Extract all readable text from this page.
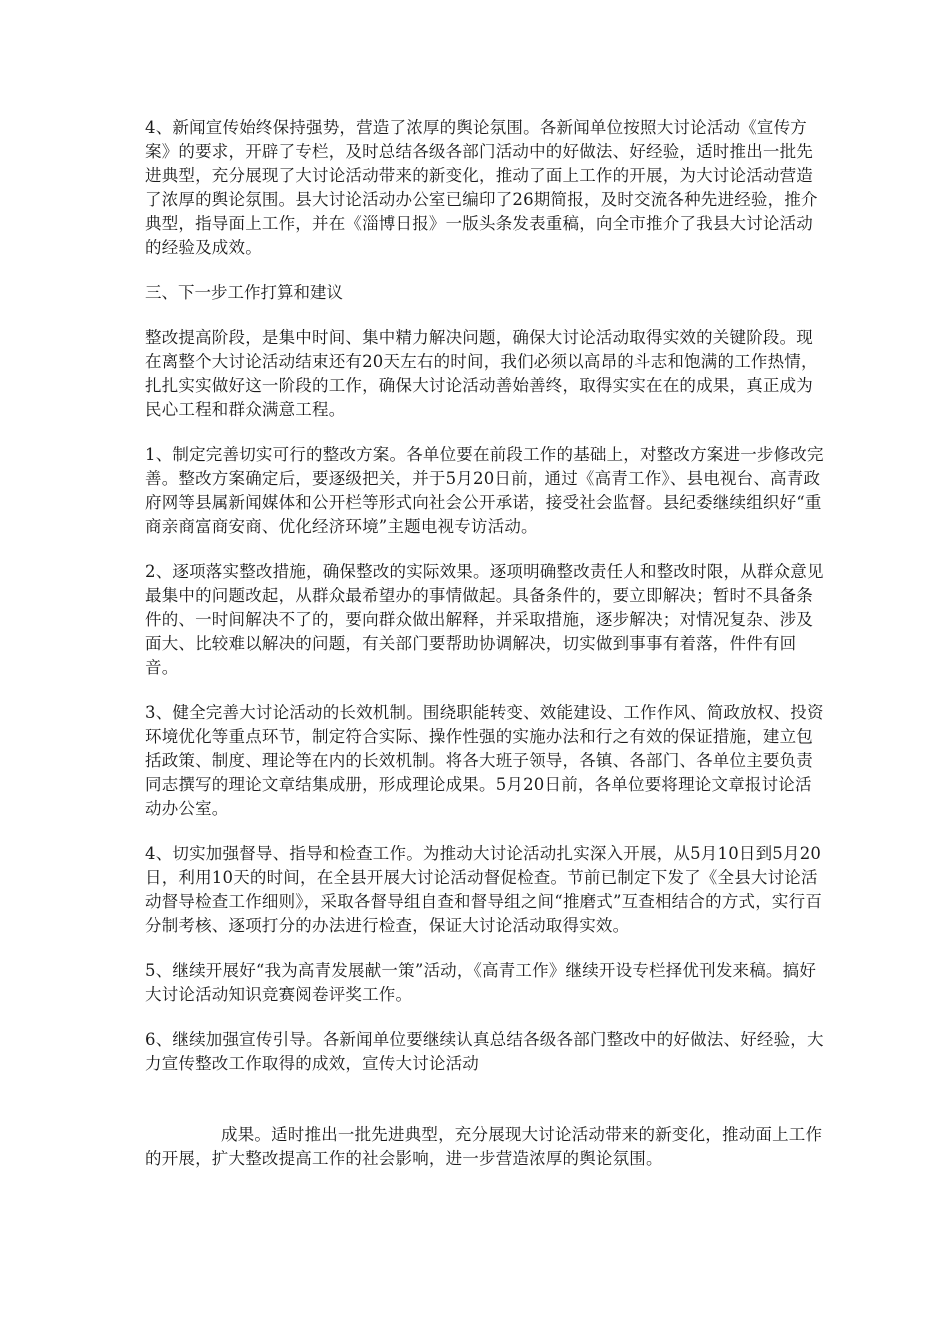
4、新闻宣传始终保持强势，营造了浓厚的舆论氛围。各新闻单位按照大讨论活动《宣传方案》的要求，开辟了专栏，及时总结各级各部门活动中的好做法、好经验，适时推出一批先进典型，充分展现了大讨论活动带来的新变化，推动了面上工作的开展，为大讨论活动营造了浓厚的舆论氛围。县大讨论活动办公室已编印了26期简报，及时交流各种先进经验，推介典型，指导面上工作，并在《淄博日报》一版头条发表重稿，向全市推介了我县大讨论活动的经验及成效。

三、下一步工作打算和建议

整改提高阶段，是集中时间、集中精力解决问题，确保大讨论活动取得实效的关键阶段。现在离整个大讨论活动结束还有20天左右的时间，我们必须以高昂的斗志和饱满的工作热情，扎扎实实做好这一阶段的工作，确保大讨论活动善始善终，取得实实在在的成果，真正成为民心工程和群众满意工程。

1、制定完善切实可行的整改方案。各单位要在前段工作的基础上，对整改方案进一步修改完善。整改方案确定后，要逐级把关，并于5月20日前，通过《高青工作》、县电视台、高青政府网等县属新闻媒体和公开栏等形式向社会公开承诺，接受社会监督。县纪委继续组织好“重商亲商富商安商、优化经济环境”主题电视专访活动。

2、逐项落实整改措施，确保整改的实际效果。逐项明确整改责任人和整改时限，从群众意见最集中的问题改起，从群众最希望办的事情做起。具备条件的，要立即解决；暂时不具备条件的、一时间解决不了的，要向群众做出解释，并采取措施，逐步解决；对情况复杂、涉及面大、比较难以解决的问题，有关部门要帮助协调解决，切实做到事事有着落，件件有回音。

3、健全完善大讨论活动的长效机制。围绕职能转变、效能建设、工作作风、简政放权、投资环境优化等重点环节，制定符合实际、操作性强的实施办法和行之有效的保证措施，建立包括政策、制度、理论等在内的长效机制。将各大班子领导，各镇、各部门、各单位主要负责同志撰写的理论文章结集成册，形成理论成果。5月20日前，各单位要将理论文章报讨论活动办公室。

4、切实加强督导、指导和检查工作。为推动大讨论活动扎实深入开展，从5月10日到5月20日，利用10天的时间，在全县开展大讨论活动督促检查。节前已制定下发了《全县大讨论活动督导检查工作细则》，采取各督导组自查和督导组之间“推磨式”互查相结合的方式，实行百分制考核、逐项打分的办法进行检查，保证大讨论活动取得实效。

5、继续开展好“我为高青发展献一策”活动，《高青工作》继续开设专栏择优刊发来稿。搞好大讨论活动知识竞赛阅卷评奖工作。

6、继续加强宣传引导。各新闻单位要继续认真总结各级各部门整改中的好做法、好经验，大力宣传整改工作取得的成效，宣传大讨论活动

成果。适时推出一批先进典型，充分展现大讨论活动带来的新变化，推动面上工作的开展，扩大整改提高工作的社会影响，进一步营造浓厚的舆论氛围。
